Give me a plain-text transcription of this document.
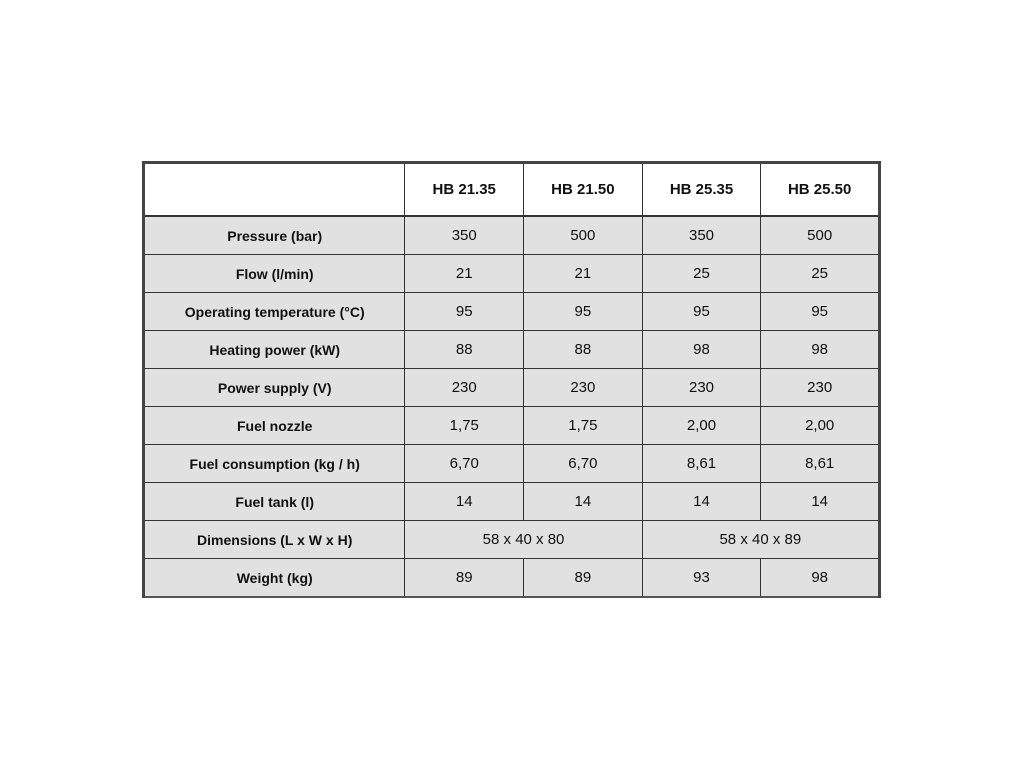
	HB 21.35	HB 21.50	HB 25.35	HB 25.50
Pressure (bar)	350	500	350	500
Flow (l/min)	21	21	25	25
Operating temperature (°C)	95	95	95	95
Heating power (kW)	88	88	98	98
Power supply (V)	230	230	230	230
Fuel nozzle	1,75	1,75	2,00	2,00
Fuel consumption (kg / h)	6,70	6,70	8,61	8,61
Fuel tank (l)	14	14	14	14
Dimensions (L x W x H)	58 x 40 x 80		58 x 40 x 89	
Weight (kg)	89	89	93	98
